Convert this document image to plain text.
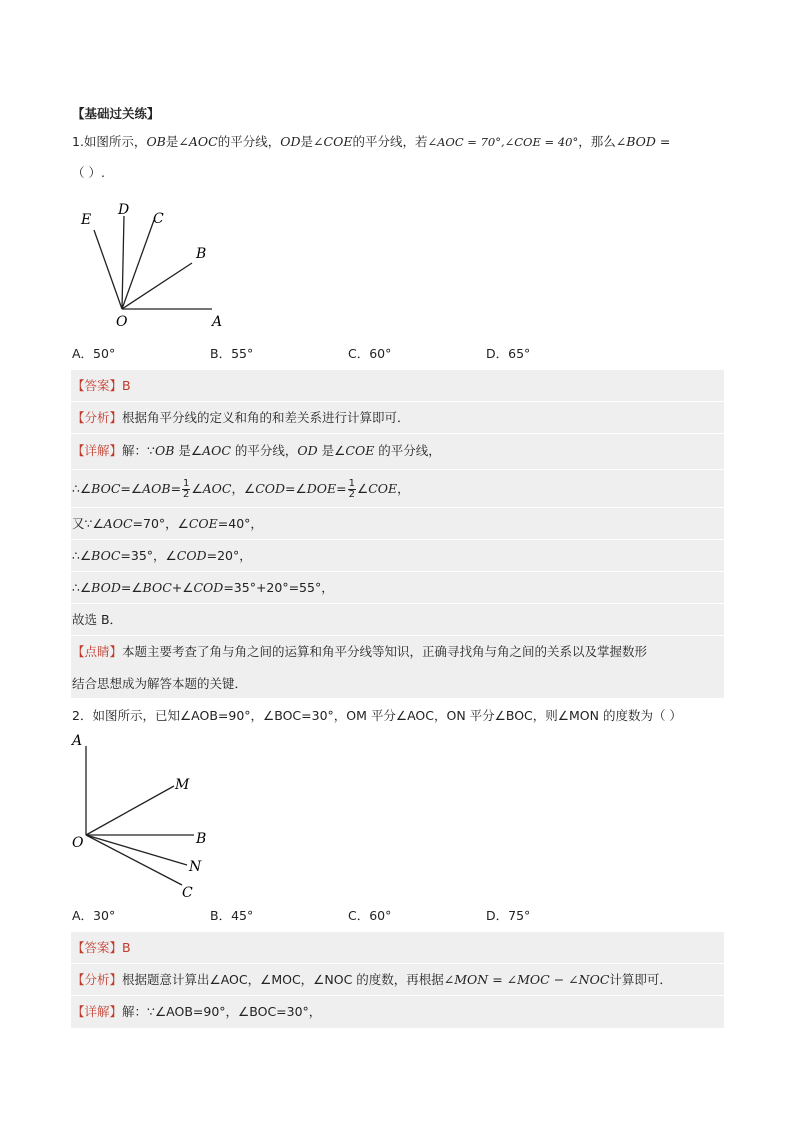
【基础过关练】
1.如图所示，OB是∠AOC的平分线，OD是∠COE的平分线，若∠AOC = 70°,∠COE = 40°，那么∠BOD =
（ ）.
E
D
C
B
O	A
A．50°	B．55°	C．60°	D．65°
【答案】B
【分析】根据角平分线的定义和角的和差关系进行计算即可．
【详解】解：∵OB 是∠AOC 的平分线，OD 是∠COE 的平分线，
∴∠BOC=∠AOB= $\frac{1}{2}$ ∠AOC，∠COD=∠DOE= $\frac{1}{2}$ ∠COE，
又∵∠AOC=70°，∠COE=40°，
∴∠BOC=35°，∠COD=20°，
∴∠BOD=∠BOC+∠COD=35°+20°=55°，
故选 B．
【点睛】本题主要考查了角与角之间的运算和角平分线等知识，正确寻找角与角之间的关系以及掌握数形
结合思想成为解答本题的关键．
2．如图所示，已知∠AOB=90°，∠BOC=30°，OM 平分∠AOC，ON 平分∠BOC，则∠MON 的度数为（ ）
A
M
B
O
N
C
A．30°	B．45°	C．60°	D．75°
【答案】B
【分析】根据题意计算出∠AOC，∠MOC，∠NOC 的度数，再根据∠MON = ∠MOC − ∠NOC计算即可．
【详解】解：∵∠AOB=90°，∠BOC=30°，
